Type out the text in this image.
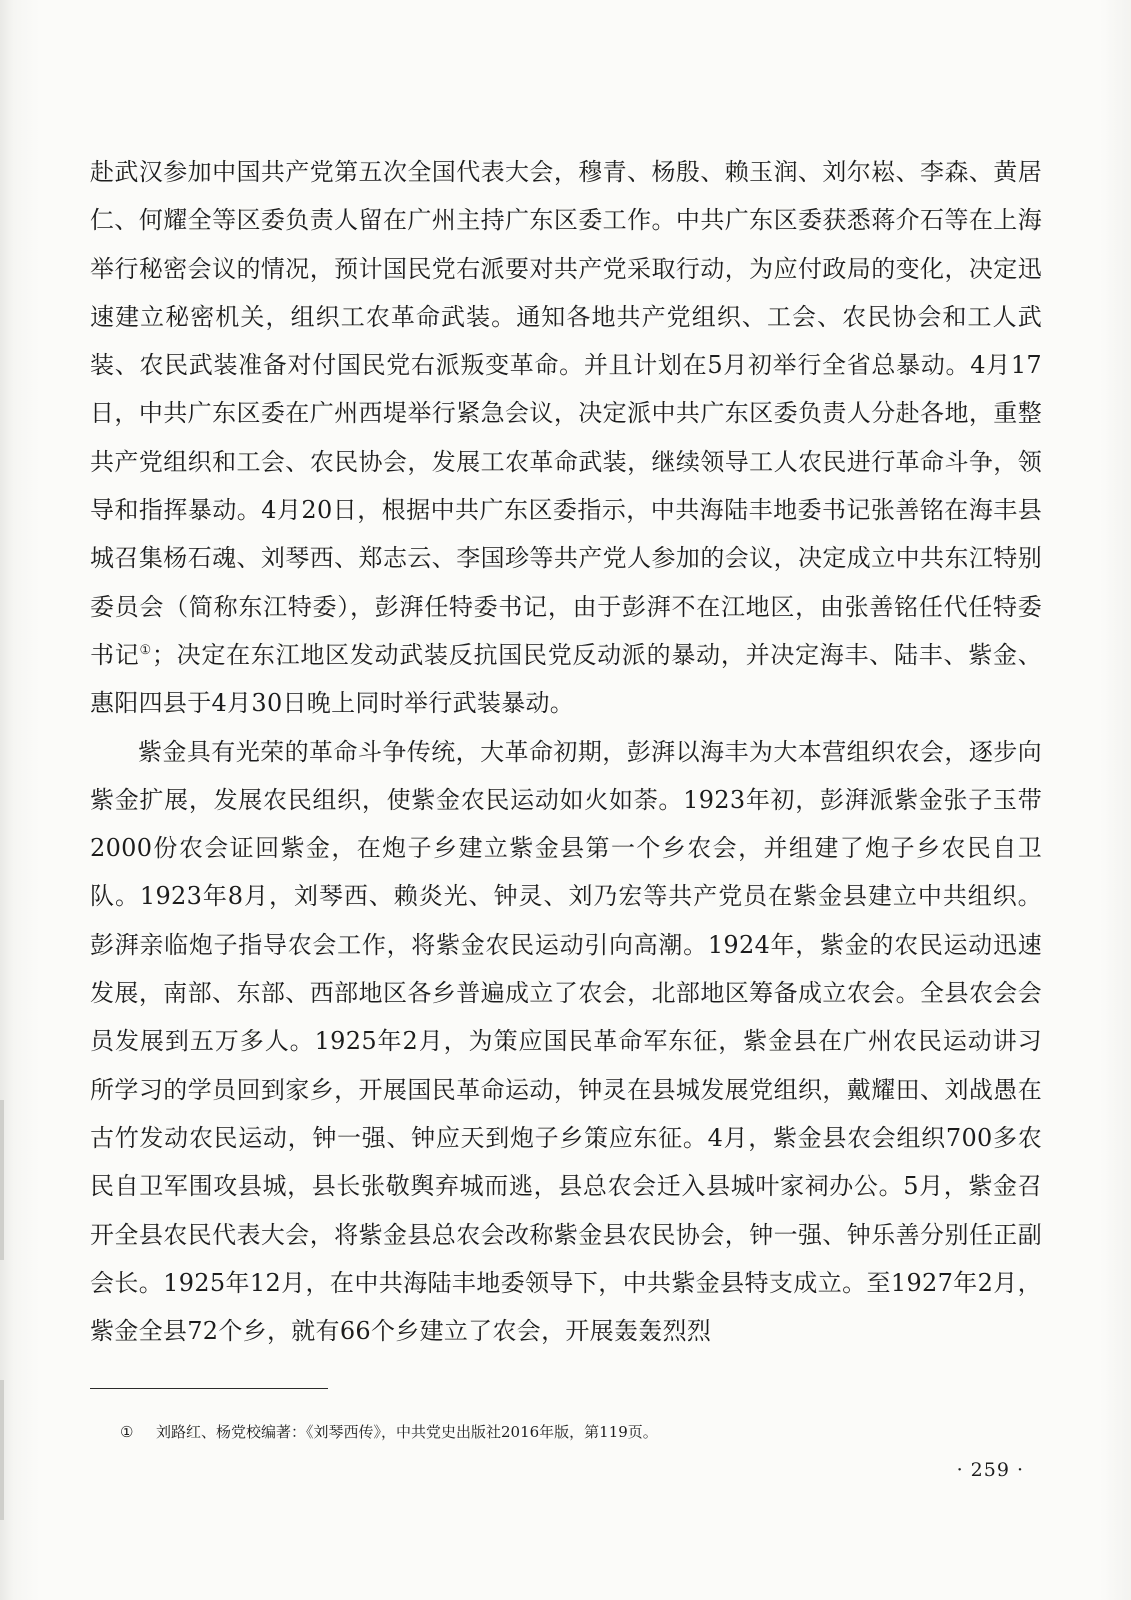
赴武汉参加中国共产党第五次全国代表大会，穆青、杨殷、赖玉润、刘尔崧、李森、黄居仁、何耀全等区委负责人留在广州主持广东区委工作。中共广东区委获悉蒋介石等在上海举行秘密会议的情况，预计国民党右派要对共产党采取行动，为应付政局的变化，决定迅速建立秘密机关，组织工农革命武装。通知各地共产党组织、工会、农民协会和工人武装、农民武装准备对付国民党右派叛变革命。并且计划在5月初举行全省总暴动。4月17日，中共广东区委在广州西堤举行紧急会议，决定派中共广东区委负责人分赴各地，重整共产党组织和工会、农民协会，发展工农革命武装，继续领导工人农民进行革命斗争，领导和指挥暴动。4月20日，根据中共广东区委指示，中共海陆丰地委书记张善铭在海丰县城召集杨石魂、刘琴西、郑志云、李国珍等共产党人参加的会议，决定成立中共东江特别委员会（简称东江特委），彭湃任特委书记，由于彭湃不在江地区，由张善铭任代任特委书记①；决定在东江地区发动武装反抗国民党反动派的暴动，并决定海丰、陆丰、紫金、惠阳四县于4月30日晚上同时举行武装暴动。

紫金具有光荣的革命斗争传统，大革命初期，彭湃以海丰为大本营组织农会，逐步向紫金扩展，发展农民组织，使紫金农民运动如火如荼。1923年初，彭湃派紫金张子玉带2000份农会证回紫金，在炮子乡建立紫金县第一个乡农会，并组建了炮子乡农民自卫队。1923年8月，刘琴西、赖炎光、钟灵、刘乃宏等共产党员在紫金县建立中共组织。彭湃亲临炮子指导农会工作，将紫金农民运动引向高潮。1924年，紫金的农民运动迅速发展，南部、东部、西部地区各乡普遍成立了农会，北部地区筹备成立农会。全县农会会员发展到五万多人。1925年2月，为策应国民革命军东征，紫金县在广州农民运动讲习所学习的学员回到家乡，开展国民革命运动，钟灵在县城发展党组织，戴耀田、刘战愚在古竹发动农民运动，钟一强、钟应天到炮子乡策应东征。4月，紫金县农会组织700多农民自卫军围攻县城，县长张敬舆弃城而逃，县总农会迁入县城叶家祠办公。5月，紫金召开全县农民代表大会，将紫金县总农会改称紫金县农民协会，钟一强、钟乐善分别任正副会长。1925年12月，在中共海陆丰地委领导下，中共紫金县特支成立。至1927年2月，紫金全县72个乡，就有66个乡建立了农会，开展轰轰烈烈

① 刘路红、杨党校编著：《刘琴西传》，中共党史出版社2016年版，第119页。
· 259 ·
